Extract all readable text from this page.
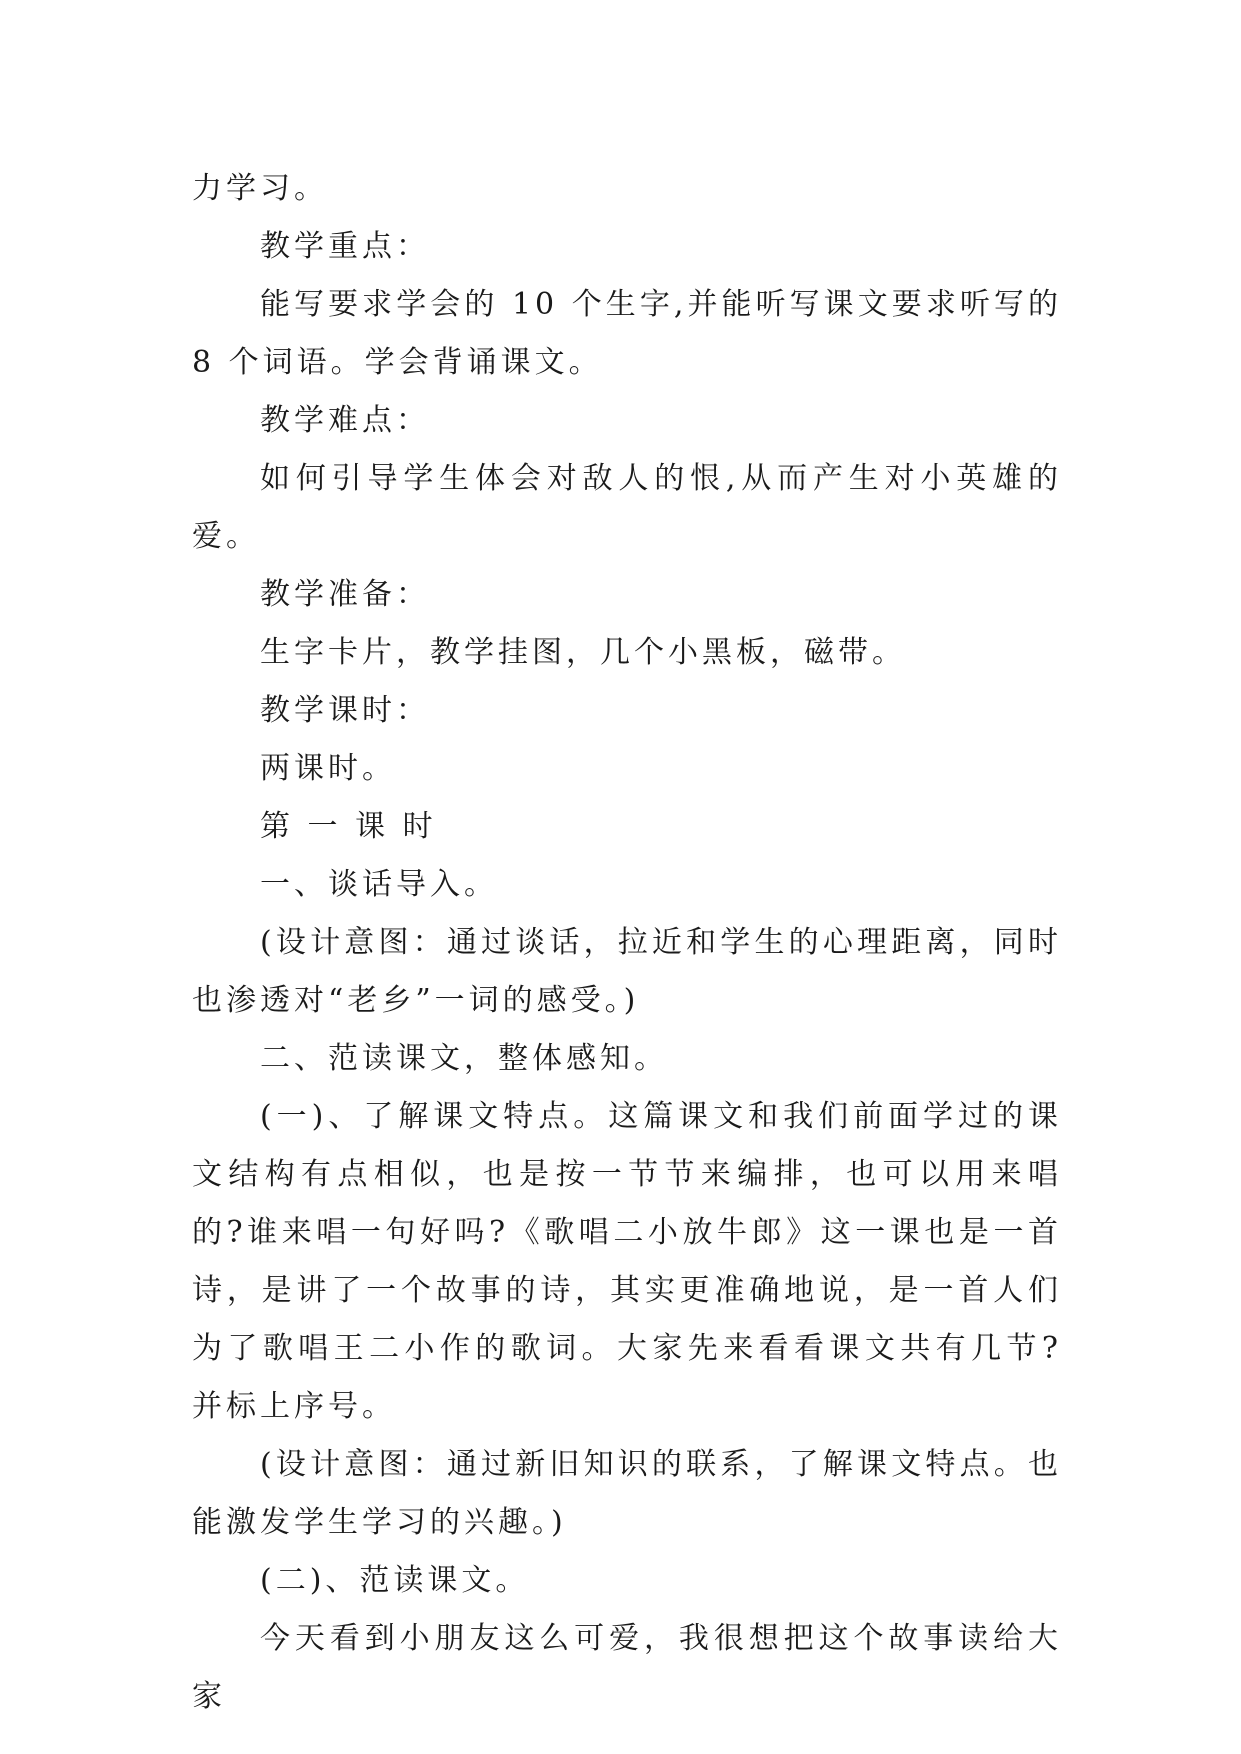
力学习。

教学重点：

能写要求学会的 10 个生字,并能听写课文要求听写的 8 个词语。学会背诵课文。

教学难点：

如何引导学生体会对敌人的恨,从而产生对小英雄的爱。

教学准备：

生字卡片，教学挂图，几个小黑板，磁带。

教学课时：

两课时。

第 一 课 时

一、谈话导入。

(设计意图：通过谈话，拉近和学生的心理距离，同时也渗透对“老乡”一词的感受。)

二、范读课文，整体感知。

(一)、了解课文特点。这篇课文和我们前面学过的课文结构有点相似，也是按一节节来编排，也可以用来唱的?谁来唱一句好吗?《歌唱二小放牛郎》这一课也是一首诗，是讲了一个故事的诗，其实更准确地说，是一首人们为了歌唱王二小作的歌词。大家先来看看课文共有几节?并标上序号。

(设计意图：通过新旧知识的联系，了解课文特点。也能激发学生学习的兴趣。)

(二)、范读课文。

今天看到小朋友这么可爱，我很想把这个故事读给大家
